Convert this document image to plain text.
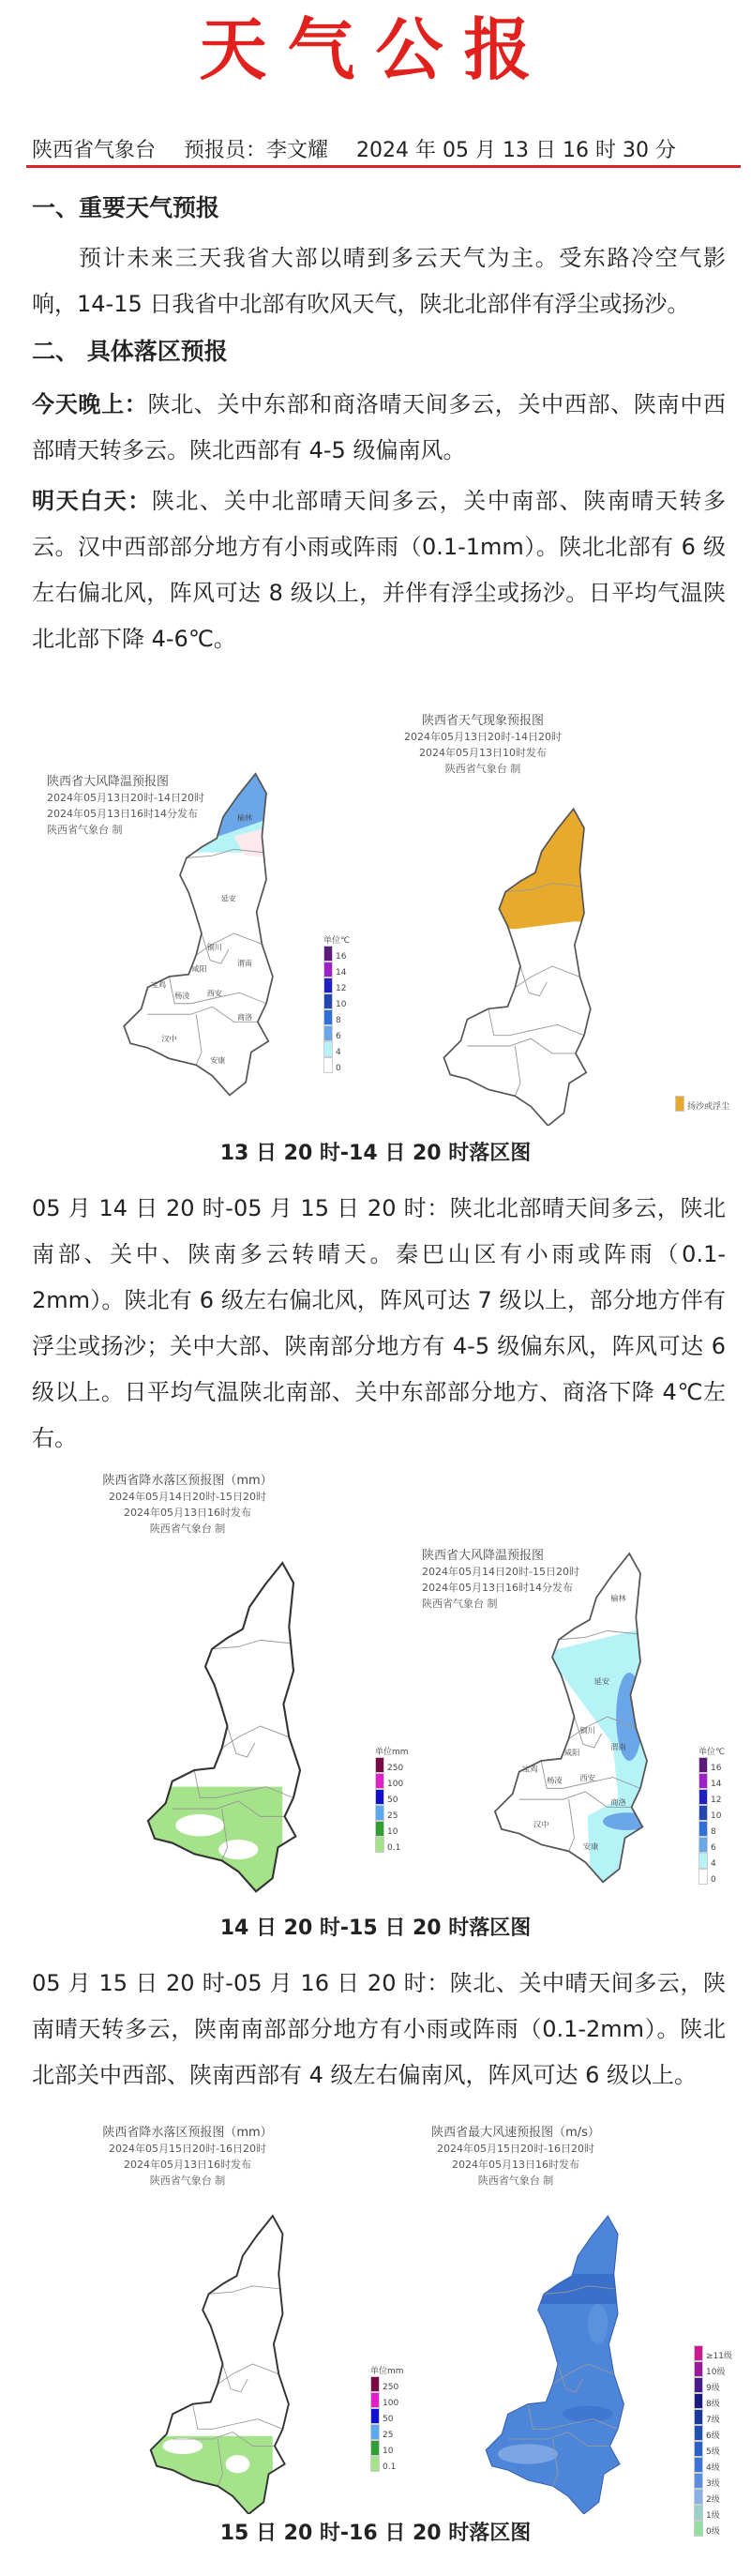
天气公报
陕西省气象台 预报员：李文耀 2024 年 05 月 13 日 16 时 30 分
一、重要天气预报
预计未来三天我省大部以晴到多云天气为主。受东路冷空气影响，14-15 日我省中北部有吹风天气，陕北北部伴有浮尘或扬沙。
二、 具体落区预报
今天晚上：陕北、关中东部和商洛晴天间多云，关中西部、陕南中西部晴天转多云。陕北西部有 4-5 级偏南风。
明天白天：陕北、关中北部晴天间多云，关中南部、陕南晴天转多云。汉中西部部分地方有小雨或阵雨（0.1-1mm）。陕北北部有 6 级左右偏北风，阵风可达 8 级以上，并伴有浮尘或扬沙。日平均气温陕北北部下降 4-6℃。
陕西省大风降温预报图
2024年05月13日20时-14日20时
2024年05月13日16时14分发布
陕西省气象台 制
榆林
延安
铜川
渭南
咸阳
宝鸡
杨凌	西安
商洛
汉中
安康
单位℃
16
14
12
10
8
6
4
0
陕西省天气现象预报图
2024年05月13日20时-14日20时
2024年05月13日10时发布
陕西省气象台 制
扬沙或浮尘
13 日 20 时-14 日 20 时落区图
05 月 14 日 20 时-05 月 15 日 20 时：陕北北部晴天间多云，陕北南部、关中、陕南多云转晴天。秦巴山区有小雨或阵雨（0.1-2mm）。陕北有 6 级左右偏北风，阵风可达 7 级以上，部分地方伴有浮尘或扬沙；关中大部、陕南部分地方有 4-5 级偏东风，阵风可达 6 级以上。日平均气温陕北南部、关中东部部分地方、商洛下降 4℃左右。
陕西省降水落区预报图（mm）
2024年05月14日20时-15日20时
2024年05月13日16时发布
陕西省气象台 制
单位mm
250
100
50
25
10
0.1
陕西省大风降温预报图
2024年05月14日20时-15日20时
2024年05月13日16时14分发布
陕西省气象台 制	榆林
延安
铜川
渭南
咸阳
宝鸡
杨凌	西安
商洛
汉中
安康
单位℃
16
14
12
10
8
6
4
0
14 日 20 时-15 日 20 时落区图
05 月 15 日 20 时-05 月 16 日 20 时：陕北、关中晴天间多云，陕南晴天转多云，陕南南部部分地方有小雨或阵雨（0.1-2mm）。陕北北部关中西部、陕南西部有 4 级左右偏南风，阵风可达 6 级以上。
陕西省降水落区预报图（mm）
2024年05月15日20时-16日20时
2024年05月13日16时发布
陕西省气象台 制
单位mm
250
100
50
25
10
0.1
陕西省最大风速预报图（m/s）
2024年05月15日20时-16日20时
2024年05月13日16时发布
陕西省气象台 制
≥11级
10级
9级
8级
7级
6级
5级
4级
3级
2级
1级
0级
15 日 20 时-16 日 20 时落区图
